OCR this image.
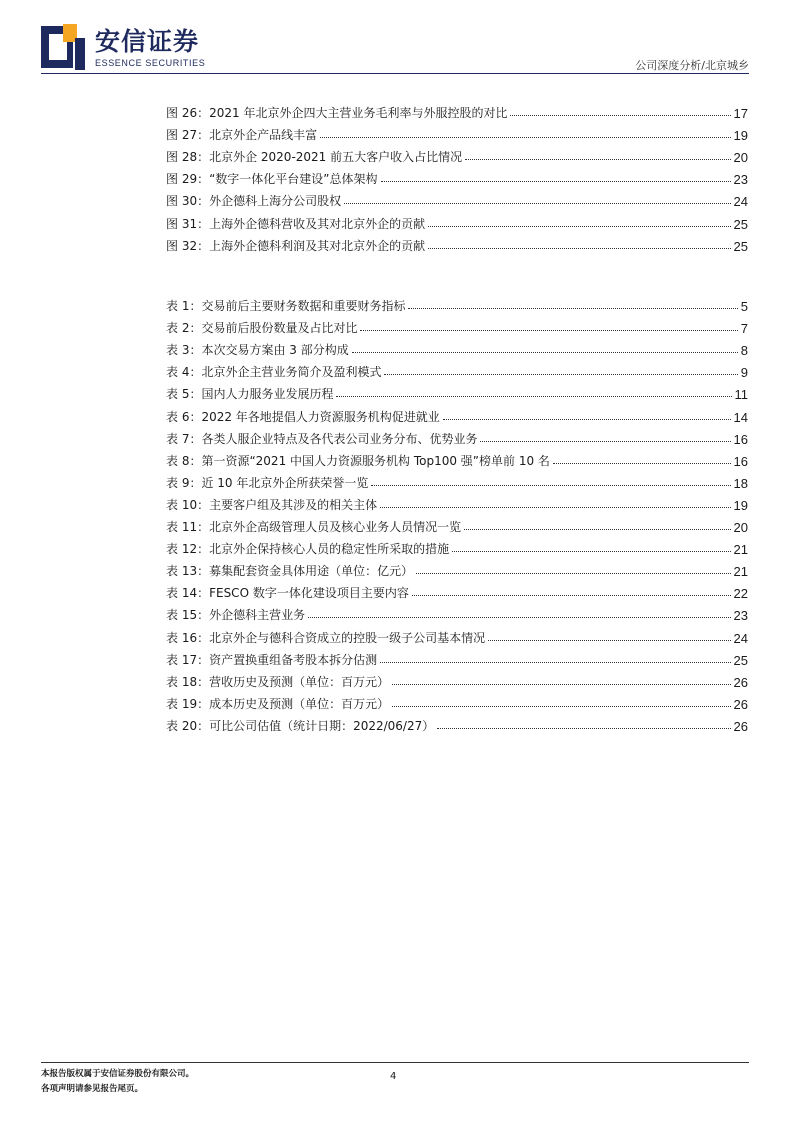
安信证券
ESSENCE SECURITIES	公司深度分析/北京城乡
图 26：2021 年北京外企四大主营业务毛利率与外服控股的对比	17
图 27：北京外企产品线丰富	19
图 28：北京外企 2020-2021 前五大客户收入占比情况	20
图 29：“数字一体化平台建设”总体架构	23
图 30：外企德科上海分公司股权	24
图 31：上海外企德科营收及其对北京外企的贡献	25
图 32：上海外企德科利润及其对北京外企的贡献	25
表 1：交易前后主要财务数据和重要财务指标	5
表 2：交易前后股份数量及占比对比	7
表 3：本次交易方案由 3 部分构成	8
表 4：北京外企主营业务简介及盈利模式	9
表 5：国内人力服务业发展历程	11
表 6：2022 年各地提倡人力资源服务机构促进就业	14
表 7：各类人服企业特点及各代表公司业务分布、优势业务	16
表 8：第一资源“2021 中国人力资源服务机构 Top100 强”榜单前 10 名	16
表 9：近 10 年北京外企所获荣誉一览	18
表 10：主要客户组及其涉及的相关主体	19
表 11：北京外企高级管理人员及核心业务人员情况一览	20
表 12：北京外企保持核心人员的稳定性所采取的措施	21
表 13：募集配套资金具体用途（单位：亿元）	21
表 14：FESCO 数字一体化建设项目主要内容	22
表 15：外企德科主营业务	23
表 16：北京外企与德科合资成立的控股一级子公司基本情况	24
表 17：资产置换重组备考股本拆分估测	25
表 18：营收历史及预测（单位：百万元）	26
表 19：成本历史及预测（单位：百万元）	26
表 20：可比公司估值（统计日期：2022/06/27）	26
本报告版权属于安信证券股份有限公司。
各项声明请参见报告尾页。
4
